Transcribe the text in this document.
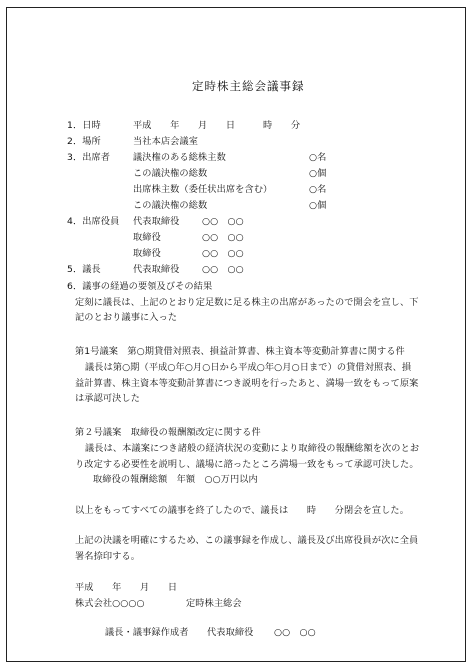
定時株主総会議事録
1．日時	平成　　年　　月　　日　　　時　　分
2．場所	当社本店会議室
3．出席者 議決権のある総株主数	○名
この議決権の総数	○個
出席株主数（委任状出席を含む）	○名
この議決権の総数	○個
4．出席役員 代表取締役 ○○　○○
取締役	○○　○○
取締役	○○　○○
5．議長	代表取締役 ○○　○○
6．議事の経過の要領及びその結果
定刻に議長は、上記のとおり定足数に足る株主の出席があったので開会を宣し、下
記のとおり議事に入った
第1号議案　第○期貸借対照表、損益計算書、株主資本等変動計算書に関する件
議長は第○期（平成○年○月○日から平成○年○月○日まで）の貸借対照表、損
益計算書、株主資本等変動計算書につき説明を行ったあと、満場一致をもって原案
は承認可決した
第２号議案　取締役の報酬額改定に関する件
議長は、本議案につき諸般の経済状況の変動により取締役の報酬総額を次のとお
り改定する必要性を説明し、議場に諮ったところ満場一致をもって承認可決した。
取締役の報酬総額　年額　○○万円以内
以上をもってすべての議事を終了したので、議長は　　時　　分閉会を宣した。
上記の決議を明確にするため、この議事録を作成し、議長及び出席役員が次に全員
署名捺印する。
平成　　年　　月　　日
株式会社○○○○	定時株主総会
議長・議事録作成者 代表取締役 ○○　○○
